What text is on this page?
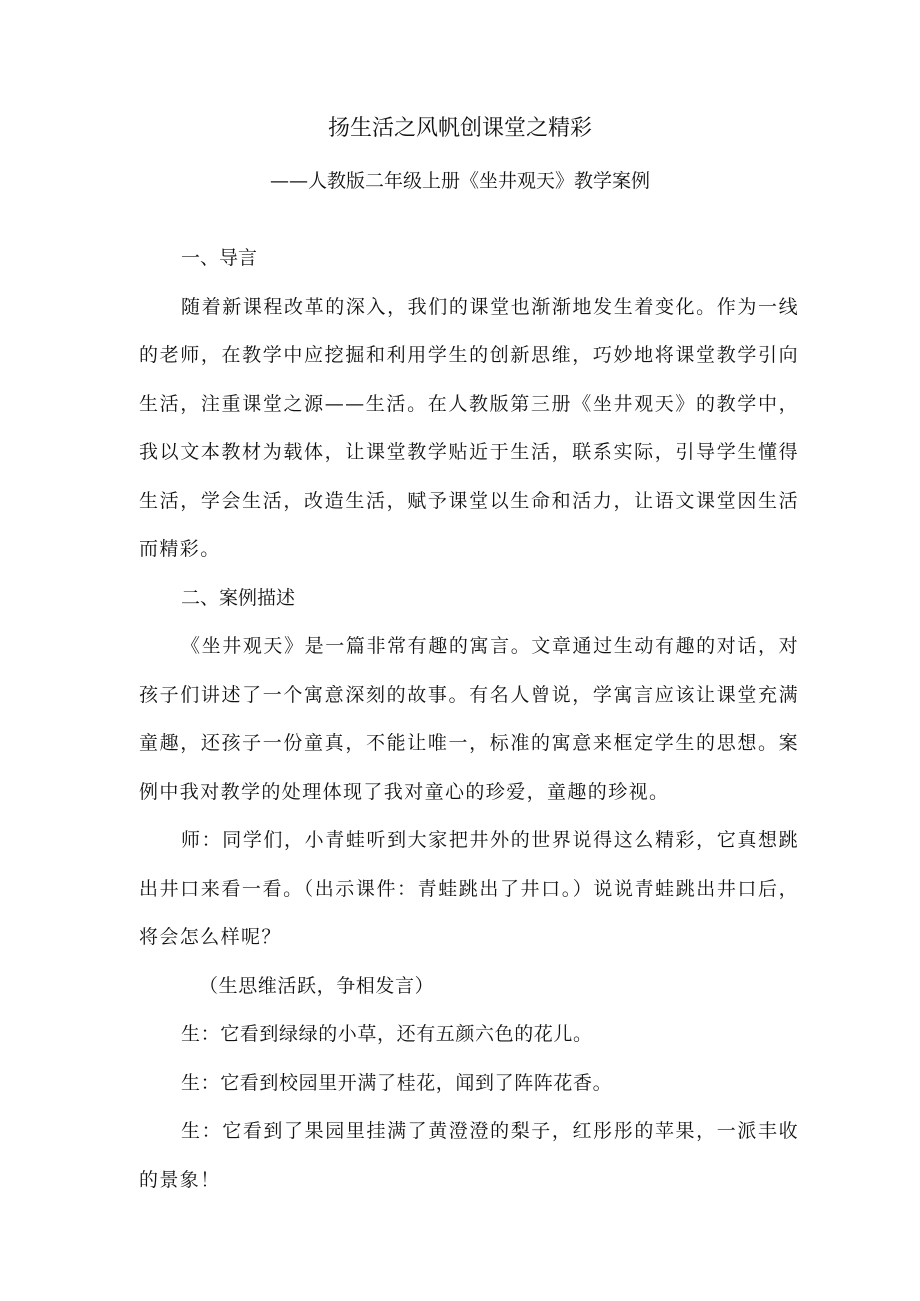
扬生活之风帆创课堂之精彩
——人教版二年级上册《坐井观天》教学案例

一、导言

随着新课程改革的深入，我们的课堂也渐渐地发生着变化。作为一线的老师，在教学中应挖掘和利用学生的创新思维，巧妙地将课堂教学引向生活，注重课堂之源——生活。在人教版第三册《坐井观天》的教学中，我以文本教材为载体，让课堂教学贴近于生活，联系实际，引导学生懂得生活，学会生活，改造生活，赋予课堂以生命和活力，让语文课堂因生活而精彩。

二、案例描述

《坐井观天》是一篇非常有趣的寓言。文章通过生动有趣的对话，对孩子们讲述了一个寓意深刻的故事。有名人曾说，学寓言应该让课堂充满童趣，还孩子一份童真，不能让唯一，标准的寓意来框定学生的思想。案例中我对教学的处理体现了我对童心的珍爱，童趣的珍视。

师：同学们，小青蛙听到大家把井外的世界说得这么精彩，它真想跳出井口来看一看。（出示课件：青蛙跳出了井口。）说说青蛙跳出井口后，将会怎么样呢？

（生思维活跃，争相发言）

生：它看到绿绿的小草，还有五颜六色的花儿。

生：它看到校园里开满了桂花，闻到了阵阵花香。

生：它看到了果园里挂满了黄澄澄的梨子，红彤彤的苹果，一派丰收的景象！
